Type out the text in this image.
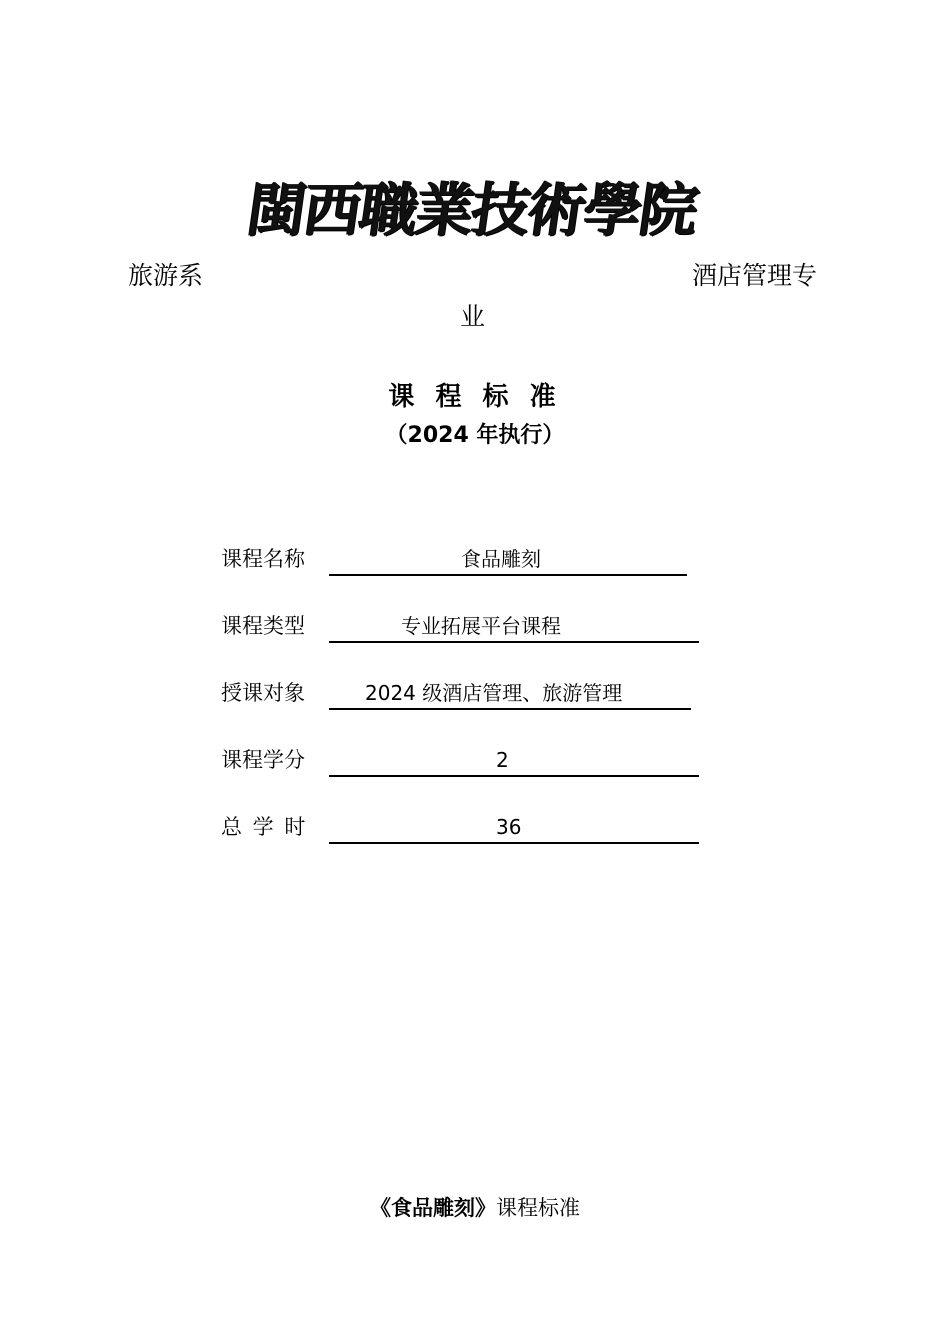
閩西職業技術學院
旅游系	酒店管理专
业
课 程 标 准
（2024 年执行）
课程名称	食品雕刻
课程类型	专业拓展平台课程
授课对象	2024 级酒店管理、旅游管理
课程学分	2
总 学 时	36
《食品雕刻》课程标准
